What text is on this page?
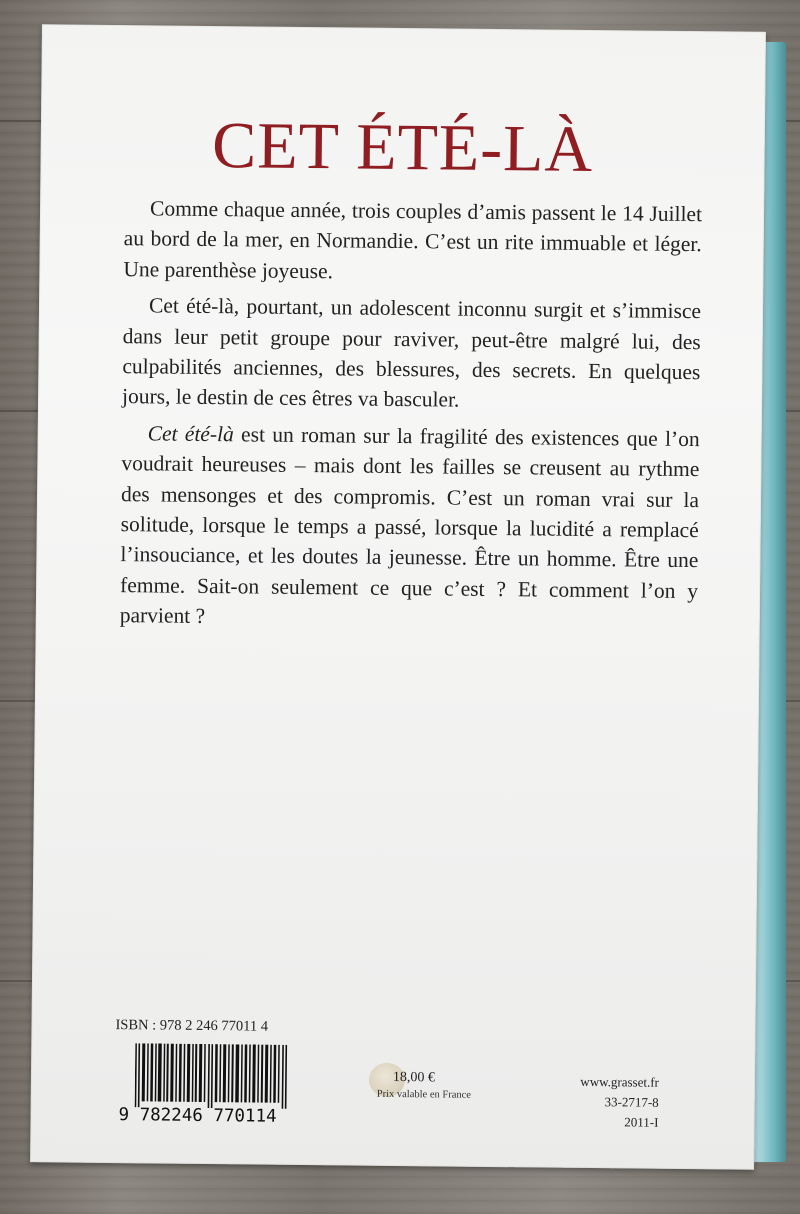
CET ÉTÉ-LÀ

Comme chaque année, trois couples d’amis passent le 14 Juillet au bord de la mer, en Normandie. C’est un rite immuable et léger. Une parenthèse joyeuse.

Cet été-là, pourtant, un adolescent inconnu surgit et s’immisce dans leur petit groupe pour raviver, peut-être malgré lui, des culpabilités anciennes, des blessures, des secrets. En quelques jours, le destin de ces êtres va basculer.

Cet été-là est un roman sur la fragilité des existences que l’on voudrait heureuses – mais dont les failles se creusent au rythme des mensonges et des compromis. C’est un roman vrai sur la solitude, lorsque le temps a passé, lorsque la lucidité a remplacé l’insouciance, et les doutes la jeunesse. Être un homme. Être une femme. Sait-on seulement ce que c’est ? Et comment l’on y parvient ?

ISBN : 978 2 246 77011 4
9 782246 770114
18,00 €
Prix valable en France
www.grasset.fr
33-2717-8
2011-I
